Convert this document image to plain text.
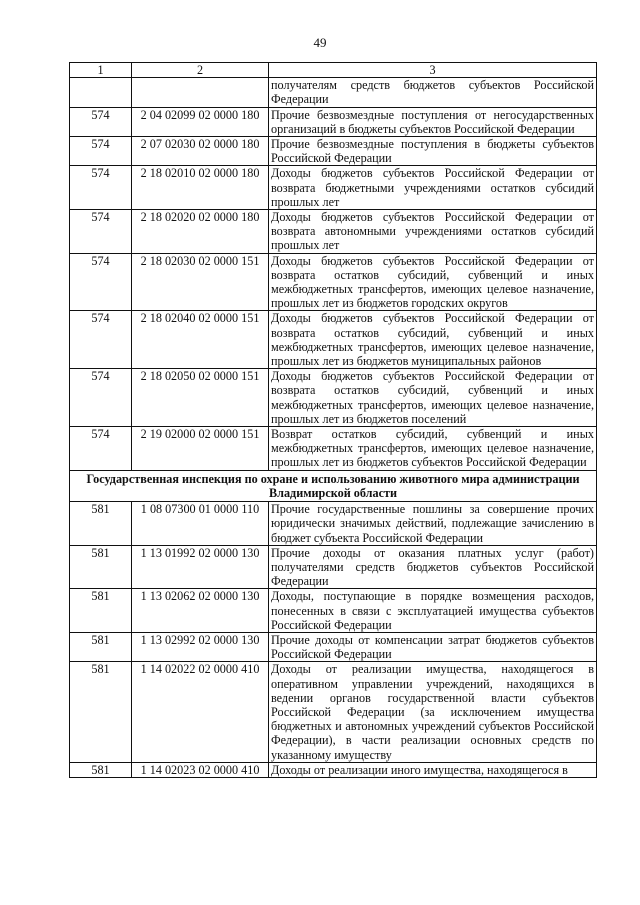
49
1	2	3
		получателям средств бюджетов субъектов Российской Федерации
574	2 04 02099 02 0000 180	Прочие безвозмездные поступления от негосударственных организаций в бюджеты субъектов Российской Федерации
574	2 07 02030 02 0000 180	Прочие безвозмездные поступления в бюджеты субъектов Российской Федерации
574	2 18 02010 02 0000 180	Доходы бюджетов субъектов Российской Федерации от возврата бюджетными учреждениями остатков субсидий прошлых лет
574	2 18 02020 02 0000 180	Доходы бюджетов субъектов Российской Федерации от возврата автономными учреждениями остатков субсидий прошлых лет
574	2 18 02030 02 0000 151	Доходы бюджетов субъектов Российской Федерации от возврата остатков субсидий, субвенций и иных межбюджетных трансфертов, имеющих целевое назначение, прошлых лет из бюджетов городских округов
574	2 18 02040 02 0000 151	Доходы бюджетов субъектов Российской Федерации от возврата остатков субсидий, субвенций и иных межбюджетных трансфертов, имеющих целевое назначение, прошлых лет из бюджетов муниципальных районов
574	2 18 02050 02 0000 151	Доходы бюджетов субъектов Российской Федерации от возврата остатков субсидий, субвенций и иных межбюджетных трансфертов, имеющих целевое назначение, прошлых лет из бюджетов поселений
574	2 19 02000 02 0000 151	Возврат остатков субсидий, субвенций и иных межбюджетных трансфертов, имеющих целевое назначение, прошлых лет из бюджетов субъектов Российской Федерации
Государственная инспекция по охране и использованию животного мира администрации Владимирской области		
581	1 08 07300 01 0000 110	Прочие государственные пошлины за совершение прочих юридически значимых действий, подлежащие зачислению в бюджет субъекта Российской Федерации
581	1 13 01992 02 0000 130	Прочие доходы от оказания платных услуг (работ) получателями средств бюджетов субъектов Российской Федерации
581	1 13 02062 02 0000 130	Доходы, поступающие в порядке возмещения расходов, понесенных в связи с эксплуатацией имущества субъектов Российской Федерации
581	1 13 02992 02 0000 130	Прочие доходы от компенсации затрат бюджетов субъектов Российской Федерации
581	1 14 02022 02 0000 410	Доходы от реализации имущества, находящегося в оперативном управлении учреждений, находящихся в ведении органов государственной власти субъектов Российской Федерации (за исключением имущества бюджетных и автономных учреждений субъектов Российской Федерации), в части реализации основных средств по указанному имуществу
581	1 14 02023 02 0000 410	Доходы от реализации иного имущества, находящегося в
